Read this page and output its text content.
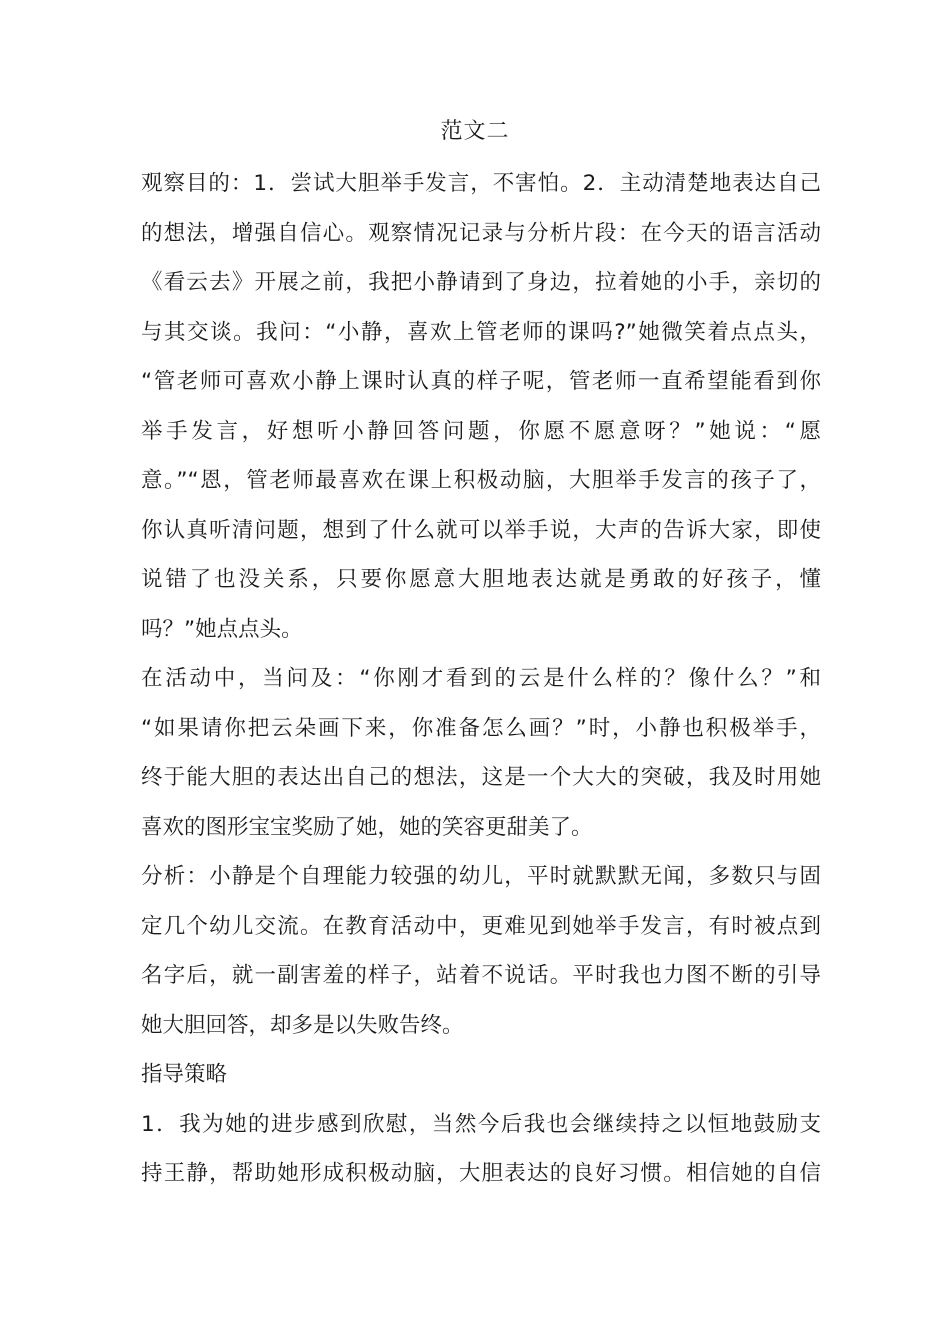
范文二
观察目的：1．尝试大胆举手发言，不害怕。2．主动清楚地表达自己
的想法，增强自信心。观察情况记录与分析片段：在今天的语言活动
《看云去》开展之前，我把小静请到了身边，拉着她的小手，亲切的
与其交谈。我问：“小静，喜欢上管老师的课吗?”她微笑着点点头，
“管老师可喜欢小静上课时认真的样子呢，管老师一直希望能看到你
举手发言，好想听小静回答问题，你愿不愿意呀？”她说：“愿
意。”“恩，管老师最喜欢在课上积极动脑，大胆举手发言的孩子了，
你认真听清问题，想到了什么就可以举手说，大声的告诉大家，即使
说错了也没关系，只要你愿意大胆地表达就是勇敢的好孩子，懂
吗？”她点点头。
在活动中，当问及：“你刚才看到的云是什么样的？像什么？”和
“如果请你把云朵画下来，你准备怎么画？”时，小静也积极举手，
终于能大胆的表达出自己的想法，这是一个大大的突破，我及时用她
喜欢的图形宝宝奖励了她，她的笑容更甜美了。
分析：小静是个自理能力较强的幼儿，平时就默默无闻，多数只与固
定几个幼儿交流。在教育活动中，更难见到她举手发言，有时被点到
名字后，就一副害羞的样子，站着不说话。平时我也力图不断的引导
她大胆回答，却多是以失败告终。
指导策略
1．我为她的进步感到欣慰，当然今后我也会继续持之以恒地鼓励支
持王静，帮助她形成积极动脑，大胆表达的良好习惯。相信她的自信
